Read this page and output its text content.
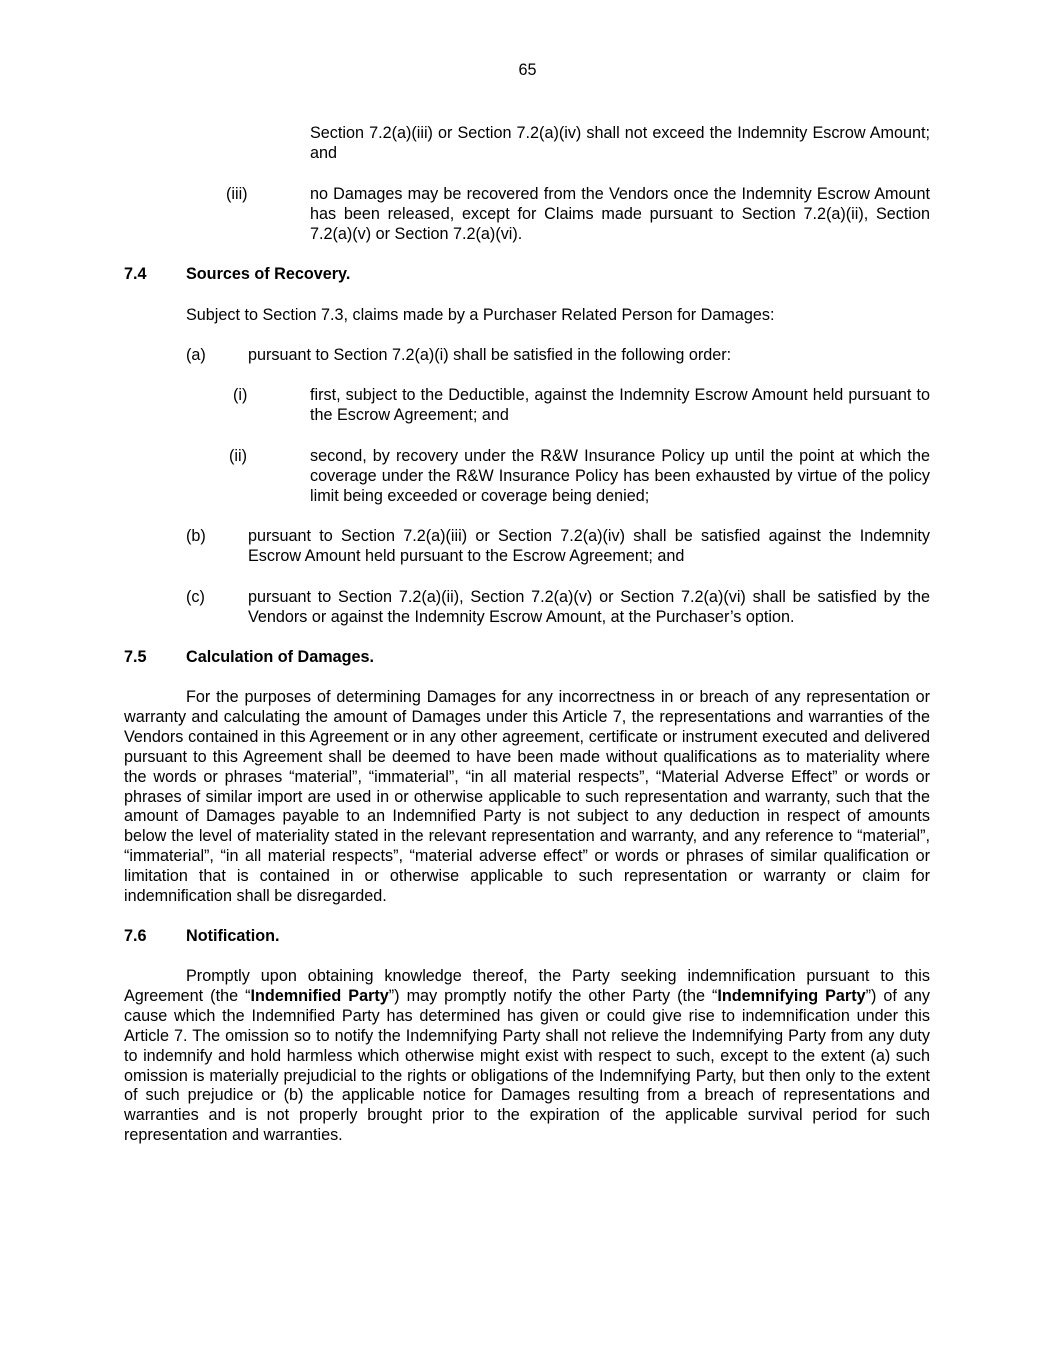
65

Section 7.2(a)(iii) or Section 7.2(a)(iv) shall not exceed the Indemnity Escrow Amount; and

(iii)	no Damages may be recovered from the Vendors once the Indemnity Escrow Amount has been released, except for Claims made pursuant to Section 7.2(a)(ii), Section 7.2(a)(v) or Section 7.2(a)(vi).

7.4 Sources of Recovery.

Subject to Section 7.3, claims made by a Purchaser Related Person for Damages:

(a)	pursuant to Section 7.2(a)(i) shall be satisfied in the following order:

(i)	first, subject to the Deductible, against the Indemnity Escrow Amount held pursuant to the Escrow Agreement; and

(ii)	second, by recovery under the R&W Insurance Policy up until the point at which the coverage under the R&W Insurance Policy has been exhausted by virtue of the policy limit being exceeded or coverage being denied;

(b)	pursuant to Section 7.2(a)(iii) or Section 7.2(a)(iv) shall be satisfied against the Indemnity Escrow Amount held pursuant to the Escrow Agreement; and

(c)	pursuant to Section 7.2(a)(ii), Section 7.2(a)(v) or Section 7.2(a)(vi) shall be satisfied by the Vendors or against the Indemnity Escrow Amount, at the Purchaser’s option.

7.5 Calculation of Damages.

For the purposes of determining Damages for any incorrectness in or breach of any representation or warranty and calculating the amount of Damages under this Article 7, the representations and warranties of the Vendors contained in this Agreement or in any other agreement, certificate or instrument executed and delivered pursuant to this Agreement shall be deemed to have been made without qualifications as to materiality where the words or phrases “material”, “immaterial”, “in all material respects”, “Material Adverse Effect” or words or phrases of similar import are used in or otherwise applicable to such representation and warranty, such that the amount of Damages payable to an Indemnified Party is not subject to any deduction in respect of amounts below the level of materiality stated in the relevant representation and warranty, and any reference to “material”, “immaterial”, “in all material respects”, “material adverse effect” or words or phrases of similar qualification or limitation that is contained in or otherwise applicable to such representation or warranty or claim for indemnification shall be disregarded.

7.6 Notification.

Promptly upon obtaining knowledge thereof, the Party seeking indemnification pursuant to this Agreement (the “Indemnified Party”) may promptly notify the other Party (the “Indemnifying Party”) of any cause which the Indemnified Party has determined has given or could give rise to indemnification under this Article 7. The omission so to notify the Indemnifying Party shall not relieve the Indemnifying Party from any duty to indemnify and hold harmless which otherwise might exist with respect to such, except to the extent (a) such omission is materially prejudicial to the rights or obligations of the Indemnifying Party, but then only to the extent of such prejudice or (b) the applicable notice for Damages resulting from a breach of representations and warranties and is not properly brought prior to the expiration of the applicable survival period for such representation and warranties.
